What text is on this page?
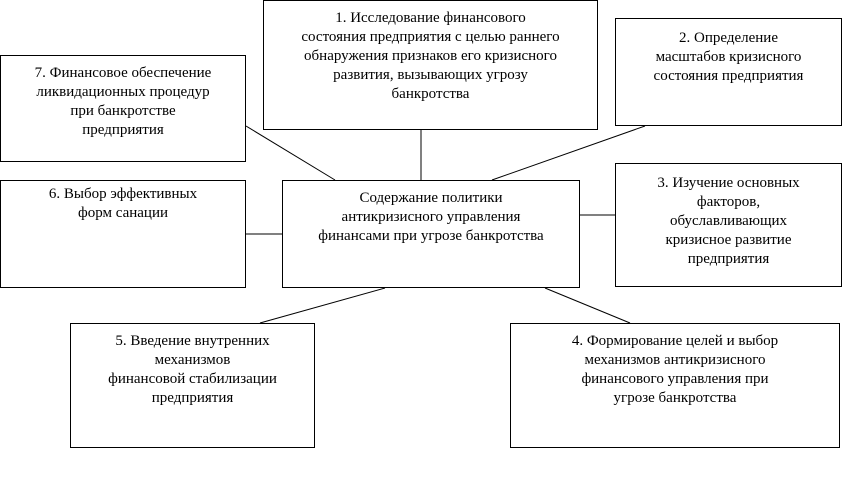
Содержание политики
антикризисного управления
финансами при угрозе банкротства

1. Исследование финансового
состояния предприятия с целью раннего
обнаружения признаков его кризисного
развития, вызывающих угрозу
банкротства

2. Определение
масштабов кризисного
состояния предприятия

3. Изучение основных
факторов,
обуславливающих
кризисное развитие
предприятия

4. Формирование целей и выбор
механизмов антикризисного
финансового управления при
угрозе банкротства

5. Введение внутренних
механизмов
финансовой стабилизации
предприятия

6. Выбор эффективных
форм санации

7. Финансовое обеспечение
ликвидационных процедур
при банкротстве
предприятия
